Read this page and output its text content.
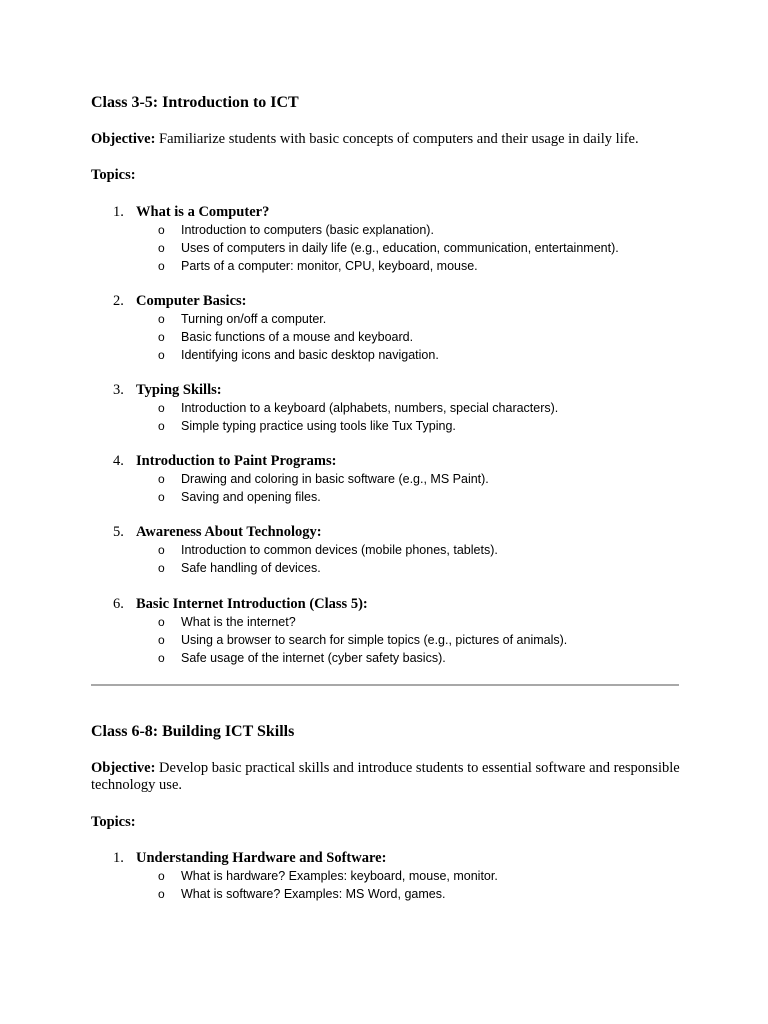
Class 3-5: Introduction to ICT

Objective: Familiarize students with basic concepts of computers and their usage in daily life.

Topics:

1. What is a Computer?
o Introduction to computers (basic explanation).
o Uses of computers in daily life (e.g., education, communication, entertainment).
o Parts of a computer: monitor, CPU, keyboard, mouse.
2. Computer Basics:
o Turning on/off a computer.
o Basic functions of a mouse and keyboard.
o Identifying icons and basic desktop navigation.
3. Typing Skills:
o Introduction to a keyboard (alphabets, numbers, special characters).
o Simple typing practice using tools like Tux Typing.
4. Introduction to Paint Programs:
o Drawing and coloring in basic software (e.g., MS Paint).
o Saving and opening files.
5. Awareness About Technology:
o Introduction to common devices (mobile phones, tablets).
o Safe handling of devices.
6. Basic Internet Introduction (Class 5):
o What is the internet?
o Using a browser to search for simple topics (e.g., pictures of animals).
o Safe usage of the internet (cyber safety basics).
Class 6-8: Building ICT Skills

Objective: Develop basic practical skills and introduce students to essential software and responsible technology use.

Topics:

1. Understanding Hardware and Software:
o What is hardware? Examples: keyboard, mouse, monitor.
o What is software? Examples: MS Word, games.
